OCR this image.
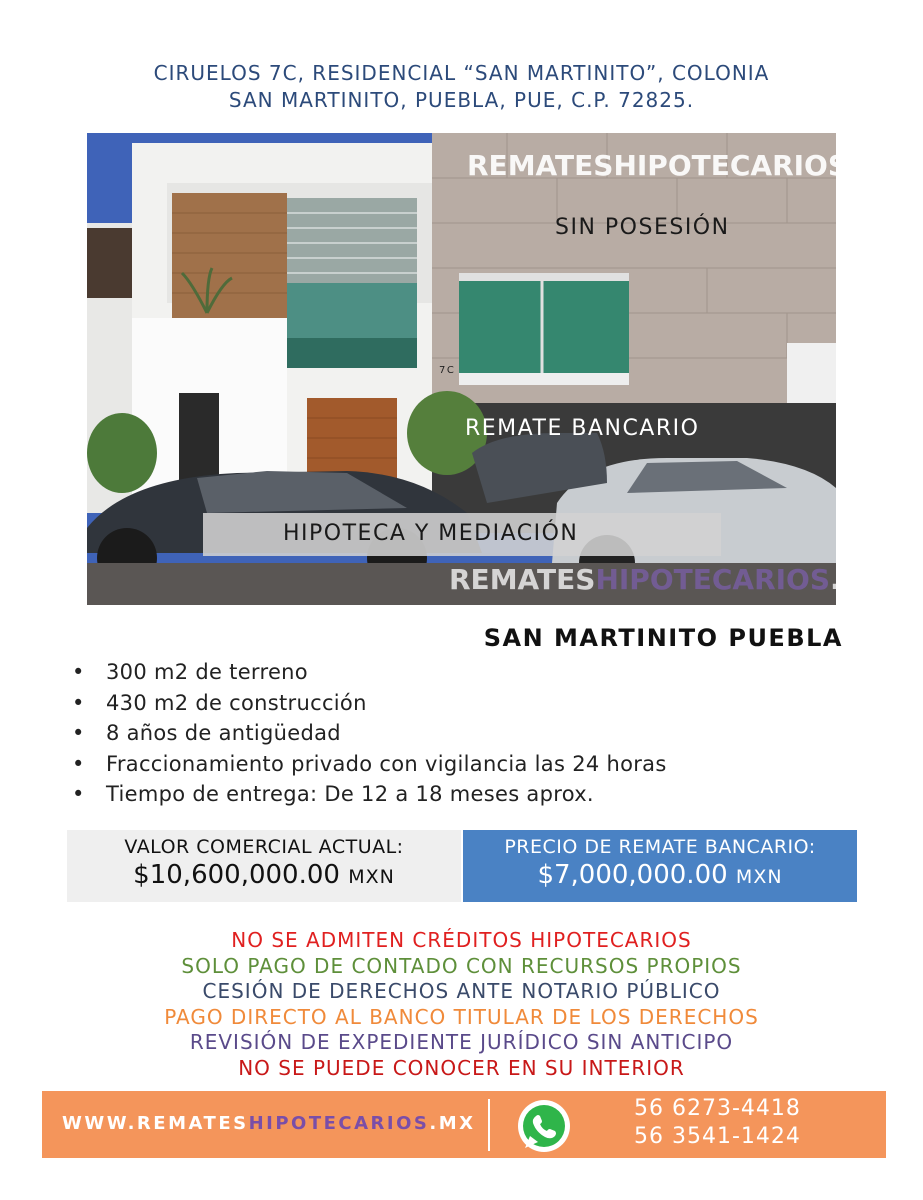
CIRUELOS 7C, RESIDENCIAL “SAN MARTINITO”, COLONIA
SAN MARTINITO, PUEBLA, PUE, C.P. 72825.
REMATESHIPOTECARIOS.MX
7C
SIN POSESIÓN
REMATE BANCARIO
HIPOTECA Y MEDIACIÓN
REMATESHIPOTECARIOS.MX
SAN MARTINITO PUEBLA
• 300 m2 de terreno
• 430 m2 de construcción
• 8 años de antigüedad
• Fraccionamiento privado con vigilancia las 24 horas
• Tiempo de entrega: De 12 a 18 meses aprox.
VALOR COMERCIAL ACTUAL:
$10,600,000.00 MXN
PRECIO DE REMATE BANCARIO:
$7,000,000.00 MXN
NO SE ADMITEN CRÉDITOS HIPOTECARIOS
SOLO PAGO DE CONTADO CON RECURSOS PROPIOS
CESIÓN DE DERECHOS ANTE NOTARIO PÚBLICO
PAGO DIRECTO AL BANCO TITULAR DE LOS DERECHOS
REVISIÓN DE EXPEDIENTE JURÍDICO SIN ANTICIPO
NO SE PUEDE CONOCER EN SU INTERIOR
WWW.REMATESHIPOTECARIOS.MX
56 6273-4418
56 3541-1424
